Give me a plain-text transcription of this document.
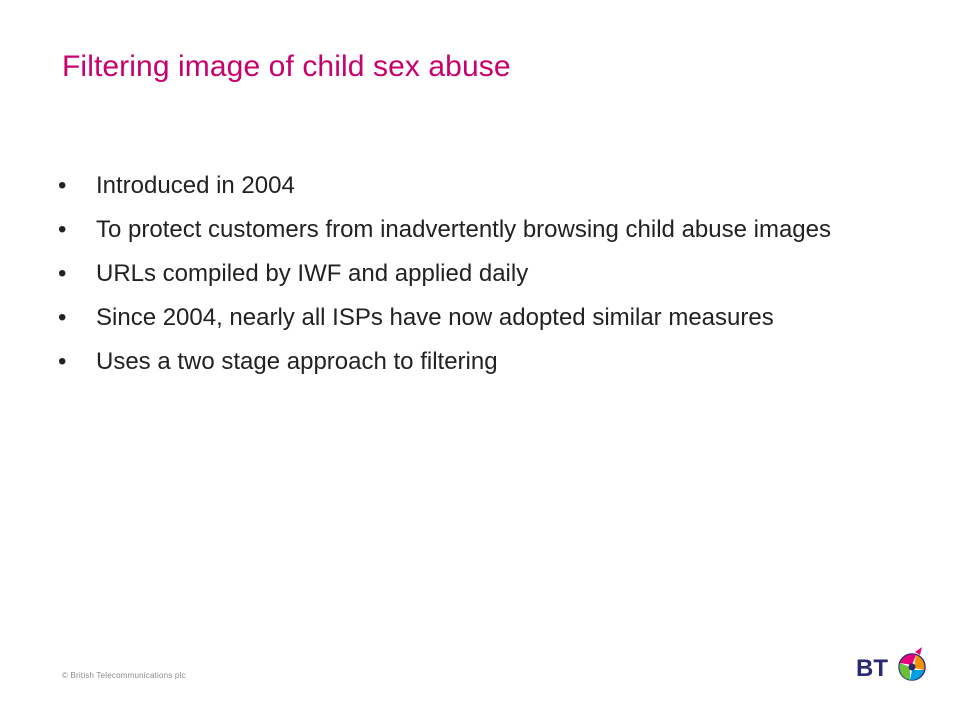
Filtering image of child sex abuse
•	Introduced in 2004
•	To protect customers from inadvertently browsing child abuse images
•	URLs compiled by IWF and applied daily
•	Since 2004, nearly all ISPs have now adopted similar measures
•	Uses a two stage approach to filtering
© British Telecommunications plc	BT
